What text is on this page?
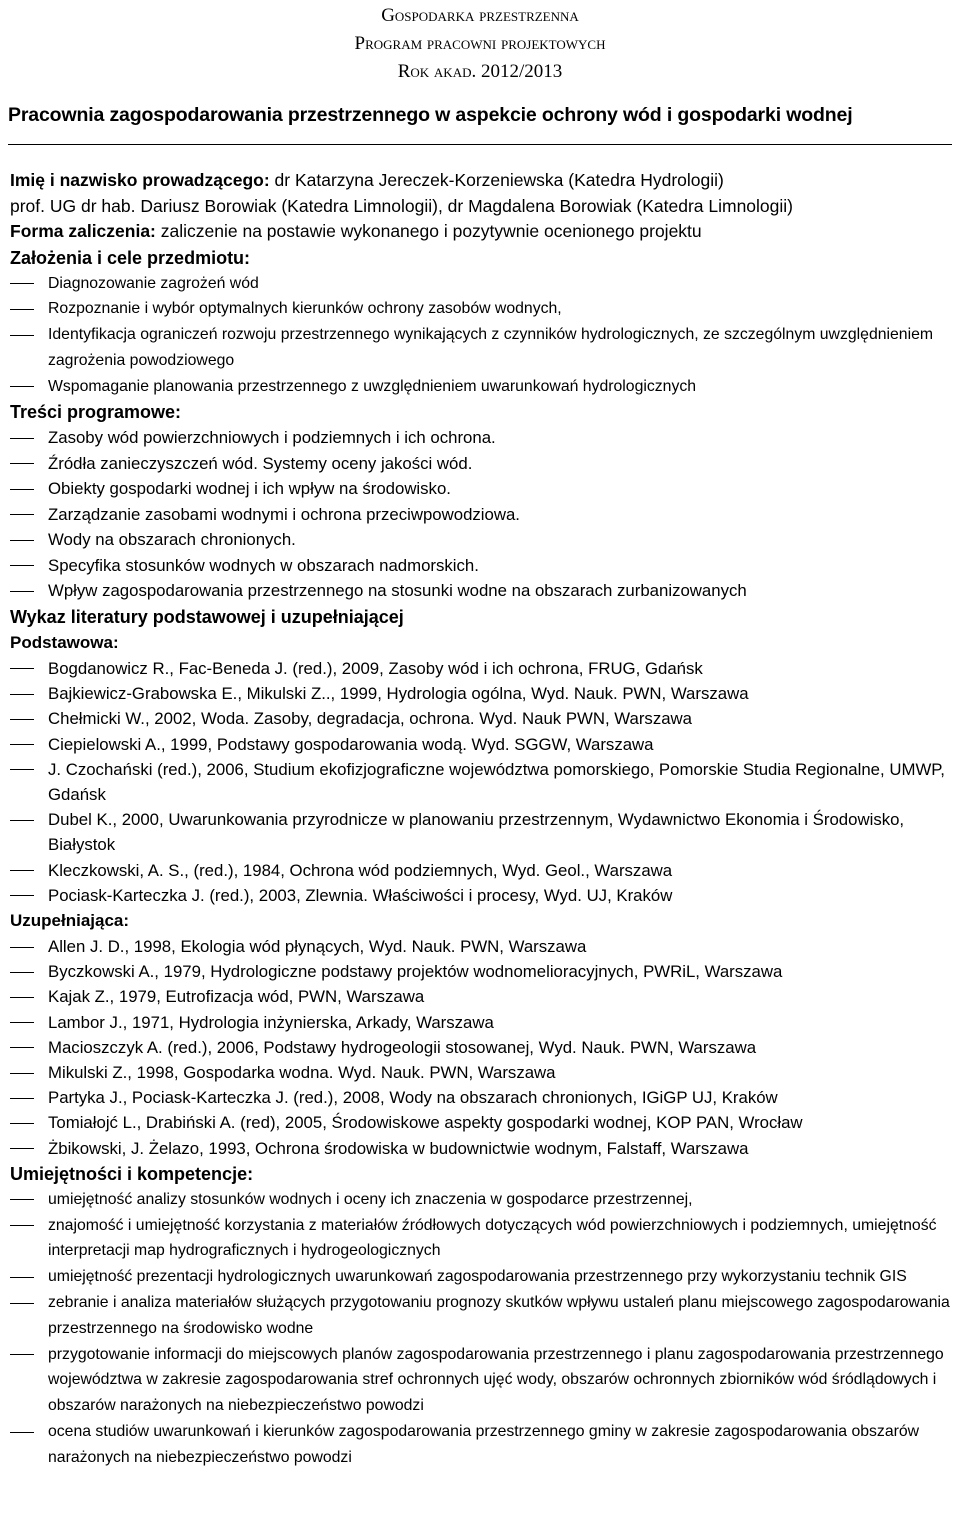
Gospodarka przestrzenna
Program pracowni projektowych
Rok akad. 2012/2013
Pracownia zagospodarowania przestrzennego w aspekcie ochrony wód i gospodarki wodnej
Imię i nazwisko prowadzącego: dr Katarzyna Jereczek-Korzeniewska (Katedra Hydrologii)
prof. UG dr hab. Dariusz Borowiak (Katedra Limnologii), dr Magdalena Borowiak (Katedra Limnologii)
Forma zaliczenia: zaliczenie na postawie wykonanego i pozytywnie ocenionego projektu
Założenia i cele przedmiotu:
Diagnozowanie zagrożeń wód
Rozpoznanie i wybór optymalnych kierunków ochrony zasobów wodnych,
Identyfikacja ograniczeń rozwoju przestrzennego wynikających z czynników hydrologicznych, ze szczególnym uwzględnieniem zagrożenia powodziowego
Wspomaganie planowania przestrzennego z uwzględnieniem uwarunkowań hydrologicznych
Treści programowe:
Zasoby wód powierzchniowych i podziemnych i ich ochrona.
Źródła zanieczyszczeń wód. Systemy oceny jakości wód.
Obiekty gospodarki wodnej i ich wpływ na środowisko.
Zarządzanie zasobami wodnymi i ochrona przeciwpowodziowa.
Wody na obszarach chronionych.
Specyfika stosunków wodnych w obszarach nadmorskich.
Wpływ zagospodarowania przestrzennego na stosunki wodne na obszarach zurbanizowanych
Wykaz literatury podstawowej i uzupełniającej
Podstawowa:
Bogdanowicz R., Fac-Beneda J. (red.), 2009, Zasoby wód i ich ochrona, FRUG, Gdańsk
Bajkiewicz-Grabowska E., Mikulski Z.., 1999, Hydrologia ogólna, Wyd. Nauk. PWN, Warszawa
Chełmicki W., 2002, Woda. Zasoby, degradacja, ochrona. Wyd. Nauk PWN, Warszawa
Ciepielowski A., 1999, Podstawy gospodarowania wodą. Wyd. SGGW, Warszawa
J. Czochański (red.), 2006, Studium ekofizjograficzne województwa pomorskiego, Pomorskie Studia Regionalne, UMWP, Gdańsk
Dubel K., 2000, Uwarunkowania przyrodnicze w planowaniu przestrzennym, Wydawnictwo Ekonomia i Środowisko, Białystok
Kleczkowski, A. S., (red.), 1984, Ochrona wód podziemnych, Wyd. Geol., Warszawa
Pociask-Karteczka J. (red.), 2003, Zlewnia. Właściwości i procesy, Wyd. UJ, Kraków
Uzupełniająca:
Allen J. D., 1998, Ekologia wód płynących, Wyd. Nauk. PWN, Warszawa
Byczkowski A., 1979, Hydrologiczne podstawy projektów wodnomelioracyjnych, PWRiL, Warszawa
Kajak Z., 1979, Eutrofizacja wód, PWN, Warszawa
Lambor J., 1971, Hydrologia inżynierska, Arkady, Warszawa
Macioszczyk A. (red.), 2006, Podstawy hydrogeologii stosowanej, Wyd. Nauk. PWN, Warszawa
Mikulski Z., 1998, Gospodarka wodna. Wyd. Nauk. PWN, Warszawa
Partyka J., Pociask-Karteczka J. (red.), 2008, Wody na obszarach chronionych, IGiGP UJ, Kraków
Tomiałojć L., Drabiński A. (red), 2005, Środowiskowe aspekty gospodarki wodnej, KOP PAN, Wrocław
Żbikowski, J. Żelazo, 1993, Ochrona środowiska w budownictwie wodnym, Falstaff, Warszawa
Umiejętności i kompetencje:
umiejętność analizy stosunków wodnych i oceny ich znaczenia w gospodarce przestrzennej,
znajomość i umiejętność korzystania z materiałów źródłowych dotyczących wód powierzchniowych i podziemnych, umiejętność interpretacji map hydrograficznych i hydrogeologicznych
umiejętność prezentacji hydrologicznych uwarunkowań zagospodarowania przestrzennego przy wykorzystaniu technik GIS
zebranie i analiza materiałów służących przygotowaniu prognozy skutków wpływu ustaleń planu miejscowego zagospodarowania przestrzennego na środowisko wodne
przygotowanie informacji do miejscowych planów zagospodarowania przestrzennego i planu zagospodarowania przestrzennego województwa w zakresie zagospodarowania stref ochronnych ujęć wody, obszarów ochronnych zbiorników wód śródlądowych i obszarów narażonych na niebezpieczeństwo powodzi
ocena studiów uwarunkowań i kierunków zagospodarowania przestrzennego gminy w zakresie zagospodarowania obszarów narażonych na niebezpieczeństwo powodzi
